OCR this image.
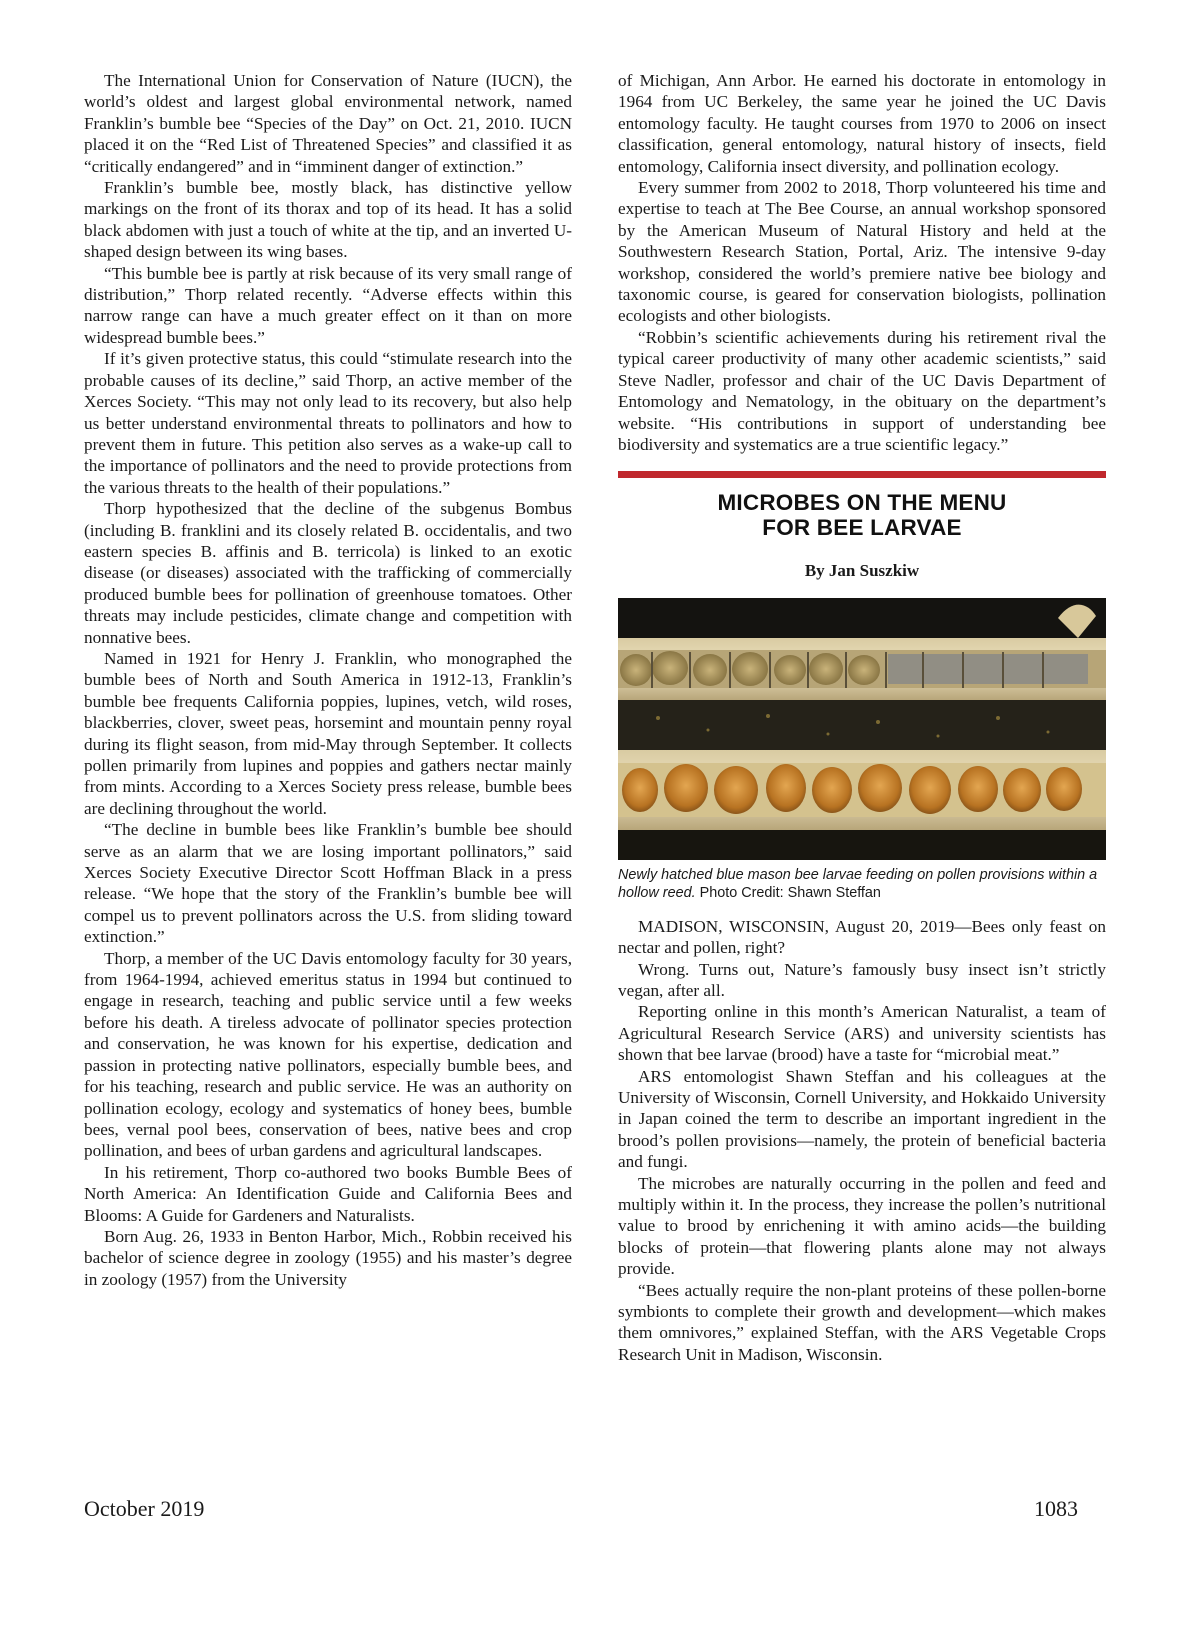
The International Union for Conservation of Nature (IUCN), the world’s oldest and largest global environmental network, named Franklin’s bumble bee “Species of the Day” on Oct. 21, 2010. IUCN placed it on the “Red List of Threatened Species” and classified it as “critically endangered” and in “imminent danger of extinction.”

Franklin’s bumble bee, mostly black, has distinctive yellow markings on the front of its thorax and top of its head. It has a solid black abdomen with just a touch of white at the tip, and an inverted U-shaped design between its wing bases.

“This bumble bee is partly at risk because of its very small range of distribution,” Thorp related recently. “Adverse effects within this narrow range can have a much greater effect on it than on more widespread bumble bees.”

If it’s given protective status, this could “stimulate research into the probable causes of its decline,” said Thorp, an active member of the Xerces Society. “This may not only lead to its recovery, but also help us better understand environmental threats to pollinators and how to prevent them in future. This petition also serves as a wake-up call to the importance of pollinators and the need to provide protections from the various threats to the health of their populations.”

Thorp hypothesized that the decline of the subgenus Bombus (including B. franklini and its closely related B. occidentalis, and two eastern species B. affinis and B. terricola) is linked to an exotic disease (or diseases) associated with the trafficking of commercially produced bumble bees for pollination of greenhouse tomatoes. Other threats may include pesticides, climate change and competition with nonnative bees.

Named in 1921 for Henry J. Franklin, who monographed the bumble bees of North and South America in 1912-13, Franklin’s bumble bee frequents California poppies, lupines, vetch, wild roses, blackberries, clover, sweet peas, horsemint and mountain penny royal during its flight season, from mid-May through September. It collects pollen primarily from lupines and poppies and gathers nectar mainly from mints. According to a Xerces Society press release, bumble bees are declining throughout the world.

“The decline in bumble bees like Franklin’s bumble bee should serve as an alarm that we are losing important pollinators,” said Xerces Society Executive Director Scott Hoffman Black in a press release. “We hope that the story of the Franklin’s bumble bee will compel us to prevent pollinators across the U.S. from sliding toward extinction.”

Thorp, a member of the UC Davis entomology faculty for 30 years, from 1964-1994, achieved emeritus status in 1994 but continued to engage in research, teaching and public service until a few weeks before his death. A tireless advocate of pollinator species protection and conservation, he was known for his expertise, dedication and passion in protecting native pollinators, especially bumble bees, and for his teaching, research and public service. He was an authority on pollination ecology, ecology and systematics of honey bees, bumble bees, vernal pool bees, conservation of bees, native bees and crop pollination, and bees of urban gardens and agricultural landscapes.

In his retirement, Thorp co-authored two books Bumble Bees of North America: An Identification Guide and California Bees and Blooms: A Guide for Gardeners and Naturalists.

Born Aug. 26, 1933 in Benton Harbor, Mich., Robbin received his bachelor of science degree in zoology (1955) and his master’s degree in zoology (1957) from the University

of Michigan, Ann Arbor. He earned his doctorate in entomology in 1964 from UC Berkeley, the same year he joined the UC Davis entomology faculty. He taught courses from 1970 to 2006 on insect classification, general entomology, natural history of insects, field entomology, California insect diversity, and pollination ecology.

Every summer from 2002 to 2018, Thorp volunteered his time and expertise to teach at The Bee Course, an annual workshop sponsored by the American Museum of Natural History and held at the Southwestern Research Station, Portal, Ariz. The intensive 9-day workshop, considered the world’s premiere native bee biology and taxonomic course, is geared for conservation biologists, pollination ecologists and other biologists.

“Robbin’s scientific achievements during his retirement rival the typical career productivity of many other academic scientists,” said Steve Nadler, professor and chair of the UC Davis Department of Entomology and Nematology, in the obituary on the department’s website. “His contributions in support of understanding bee biodiversity and systematics are a true scientific legacy.”

MICROBES ON THE MENU
FOR BEE LARVAE
By Jan Suszkiw
Newly hatched blue mason bee larvae feeding on pollen provisions within a hollow reed. Photo Credit: Shawn Steffan

MADISON, WISCONSIN, August 20, 2019—Bees only feast on nectar and pollen, right?

Wrong. Turns out, Nature’s famously busy insect isn’t strictly vegan, after all.

Reporting online in this month’s American Naturalist, a team of Agricultural Research Service (ARS) and university scientists has shown that bee larvae (brood) have a taste for “microbial meat.”

ARS entomologist Shawn Steffan and his colleagues at the University of Wisconsin, Cornell University, and Hokkaido University in Japan coined the term to describe an important ingredient in the brood’s pollen provisions—namely, the protein of beneficial bacteria and fungi.

The microbes are naturally occurring in the pollen and feed and multiply within it. In the process, they increase the pollen’s nutritional value to brood by enrichening it with amino acids—the building blocks of protein—that flowering plants alone may not always provide.

“Bees actually require the non-plant proteins of these pollen-borne symbionts to complete their growth and development—which makes them omnivores,” explained Steffan, with the ARS Vegetable Crops Research Unit in Madison, Wisconsin.

October 2019	1083
